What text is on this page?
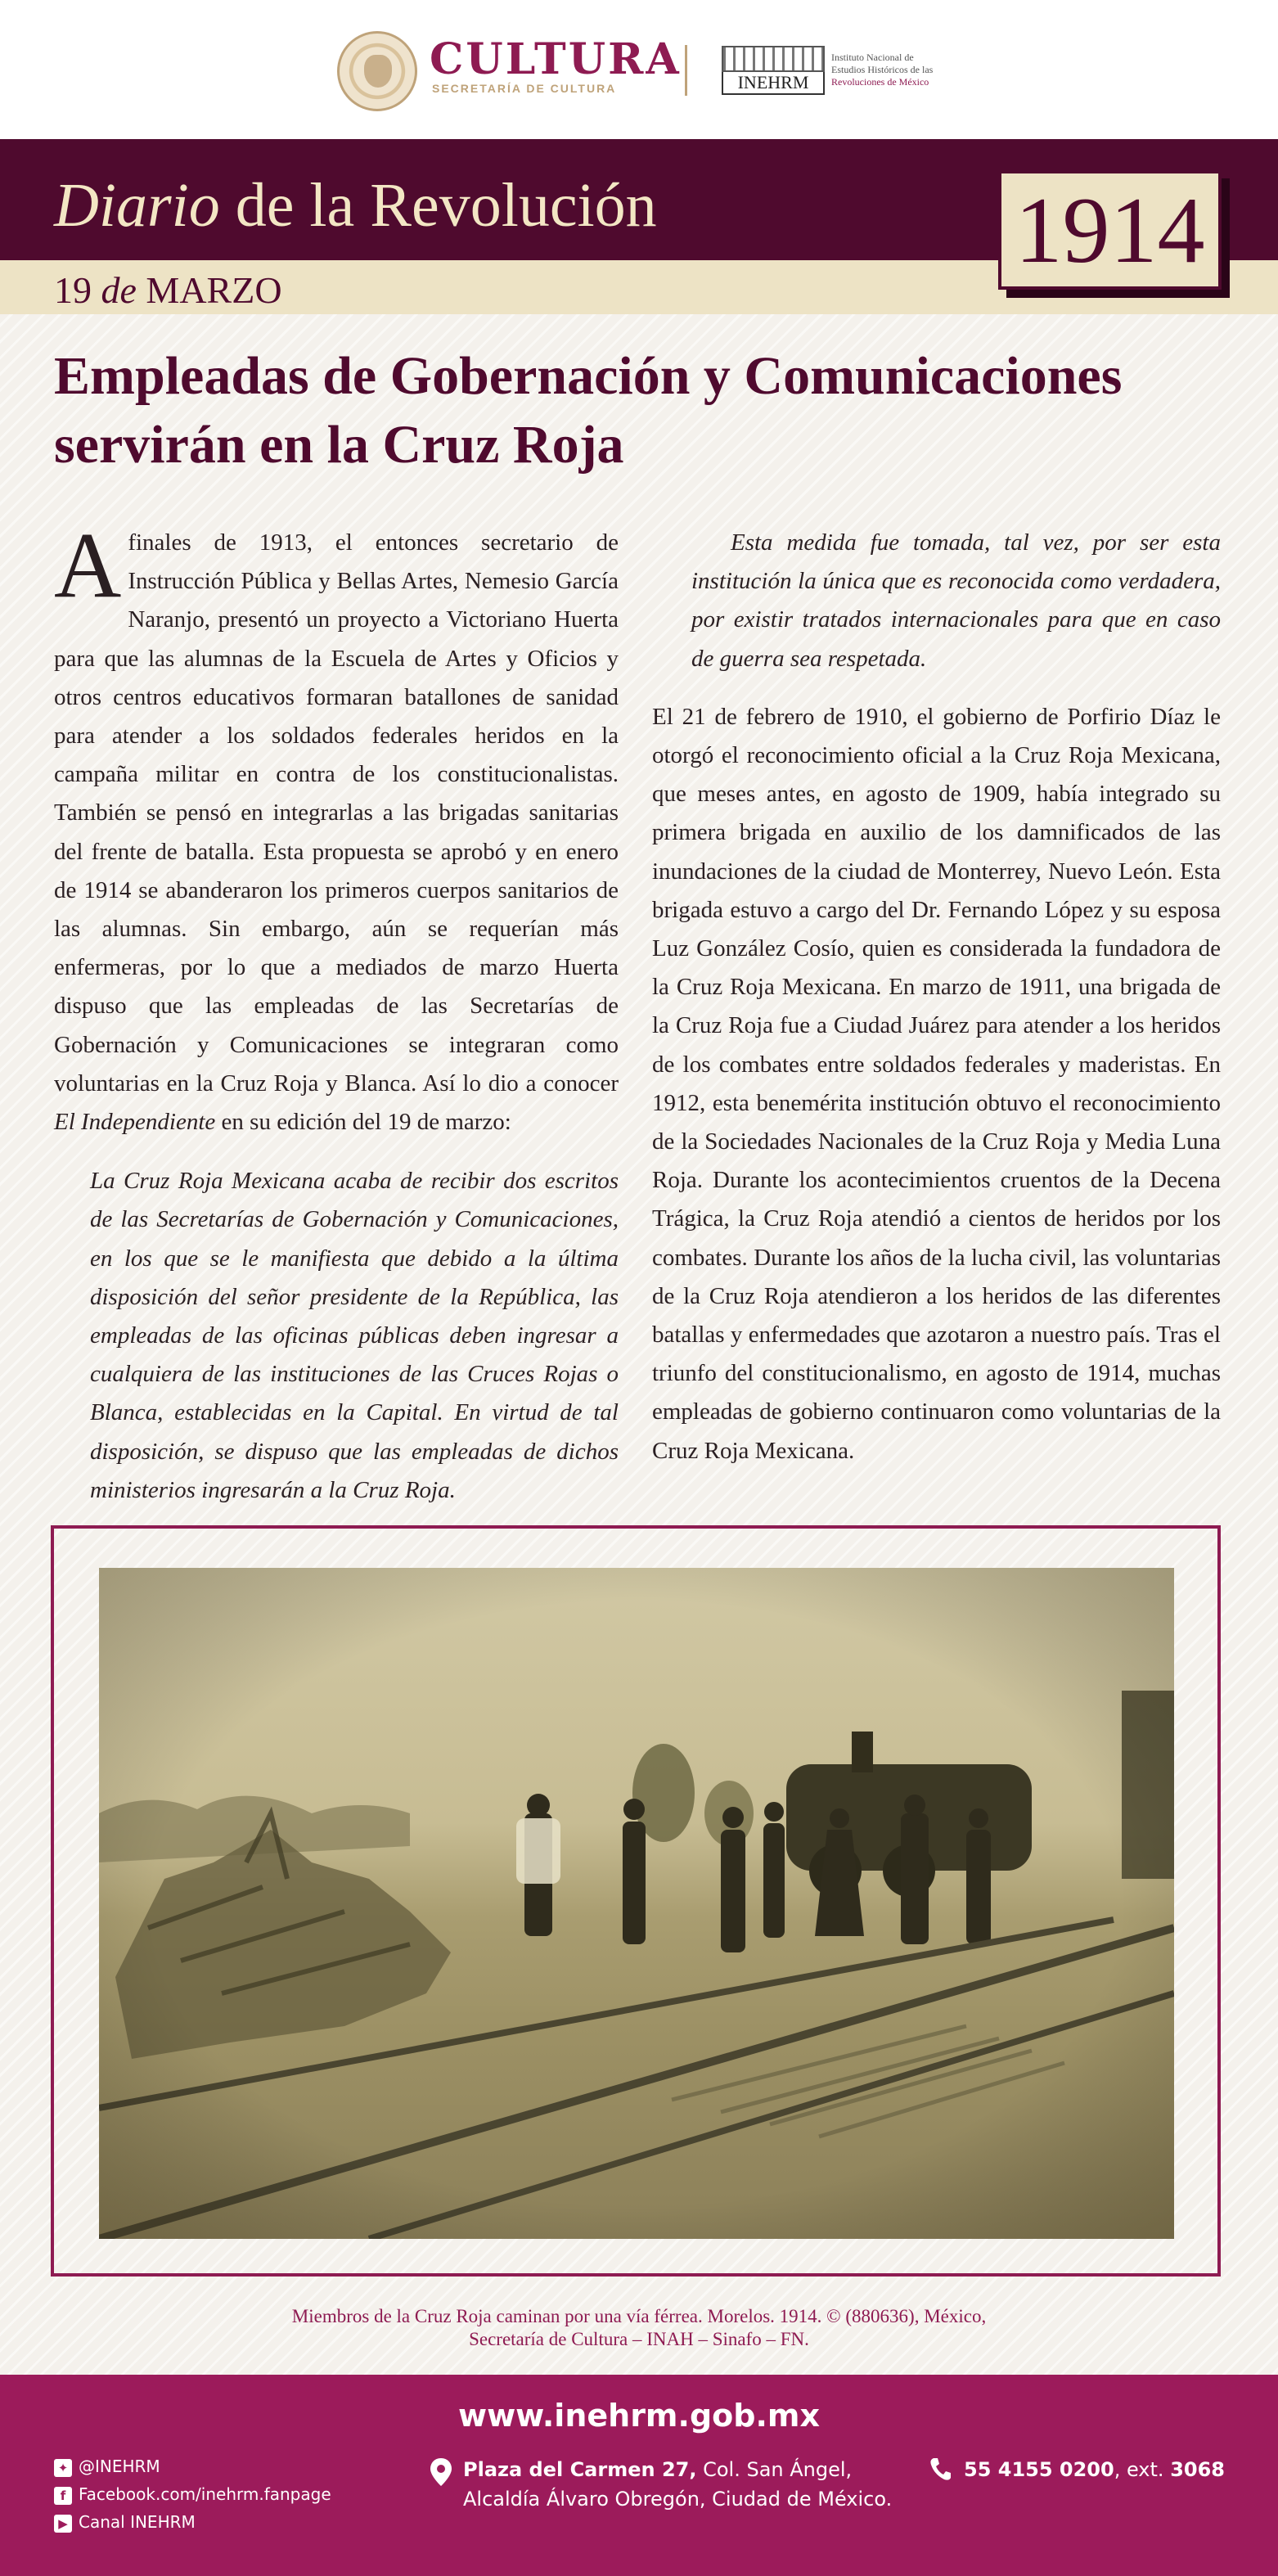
CULTURA
SECRETARÍA DE CULTURA	INEHRM
Instituto Nacional de
Estudios Históricos de las
Revoluciones de México
Diario de la Revolución
19 de MARZO
1914
Empleadas de Gobernación y Comunicaciones servirán en la Cruz Roja

A finales de 1913, el entonces secretario de Instrucción Pública y Bellas Artes, Nemesio García Naranjo, presentó un proyecto a Victoriano Huerta para que las alumnas de la Escuela de Artes y Oficios y otros centros educativos formaran batallones de sanidad para atender a los soldados federales heridos en la campaña militar en contra de los constitucionalistas. También se pensó en integrarlas a las brigadas sanitarias del frente de batalla. Esta propuesta se aprobó y en enero de 1914 se abanderaron los primeros cuerpos sanitarios de las alumnas. Sin embargo, aún se requerían más enfermeras, por lo que a mediados de marzo Huerta dispuso que las empleadas de las Secretarías de Gobernación y Comunicaciones se integraran como voluntarias en la Cruz Roja y Blanca. Así lo dio a conocer El Independiente en su edición del 19 de marzo:

La Cruz Roja Mexicana acaba de recibir dos escritos de las Secretarías de Gobernación y Comunicaciones, en los que se le manifiesta que debido a la última disposición del señor presidente de la República, las empleadas de las oficinas públicas deben ingresar a cualquiera de las instituciones de las Cruces Rojas o Blanca, establecidas en la Capital. En virtud de tal disposición, se dispuso que las empleadas de dichos ministerios ingresarán a la Cruz Roja.

Esta medida fue tomada, tal vez, por ser esta institución la única que es reconocida como verdadera, por existir tratados internacionales para que en caso de guerra sea respetada.

El 21 de febrero de 1910, el gobierno de Porfirio Díaz le otorgó el reconocimiento oficial a la Cruz Roja Mexicana, que meses antes, en agosto de 1909, había integrado su primera brigada en auxilio de los damnificados de las inundaciones de la ciudad de Monterrey, Nuevo León. Esta brigada estuvo a cargo del Dr. Fernando López y su esposa Luz González Cosío, quien es considerada la fundadora de la Cruz Roja Mexicana. En marzo de 1911, una brigada de la Cruz Roja fue a Ciudad Juárez para atender a los heridos de los combates entre soldados federales y maderistas. En 1912, esta benemérita institución obtuvo el reconocimiento de la Sociedades Nacionales de la Cruz Roja y Media Luna Roja. Durante los acontecimientos cruentos de la Decena Trágica, la Cruz Roja atendió a cientos de heridos por los combates. Durante los años de la lucha civil, las voluntarias de la Cruz Roja atendieron a los heridos de las diferentes batallas y enfermedades que azotaron a nuestro país. Tras el triunfo del constitucionalismo, en agosto de 1914, muchas empleadas de gobierno continuaron como voluntarias de la Cruz Roja Mexicana.

Miembros de la Cruz Roja caminan por una vía férrea. Morelos. 1914. © (880636), México,
Secretaría de Cultura – INAH – Sinafo – FN.
www.inehrm.gob.mx
✦ @INEHRM
f Facebook.com/inehrm.fanpage
▶ Canal INEHRM
Plaza del Carmen 27, Col. San Ángel,
Alcaldía Álvaro Obregón, Ciudad de México.
55 4155 0200, ext. 3068
